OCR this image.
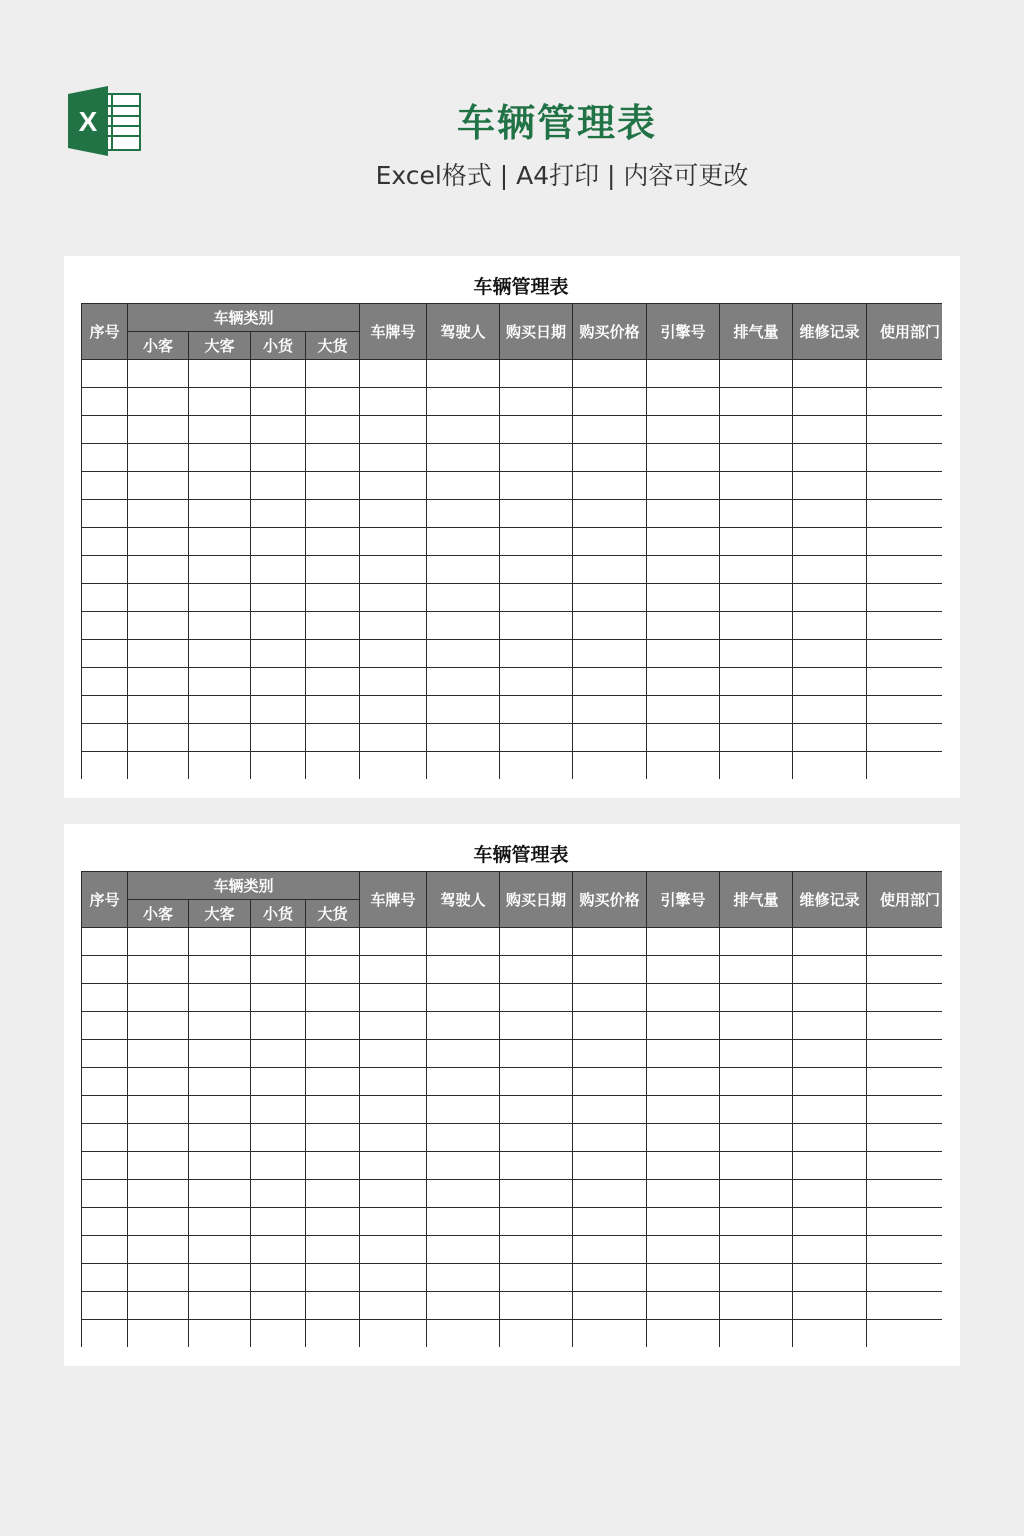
X	车辆管理表
Excel格式 | A4打印 | 内容可更改
车辆管理表
序号	车辆类别				车牌号	驾驶人	购买日期	购买价格	引擎号	排气量	维修记录	使用部门
	小客	大客	小货	大货								

车辆管理表
序号	车辆类别				车牌号	驾驶人	购买日期	购买价格	引擎号	排气量	维修记录	使用部门
	小客	大客	小货	大货								
